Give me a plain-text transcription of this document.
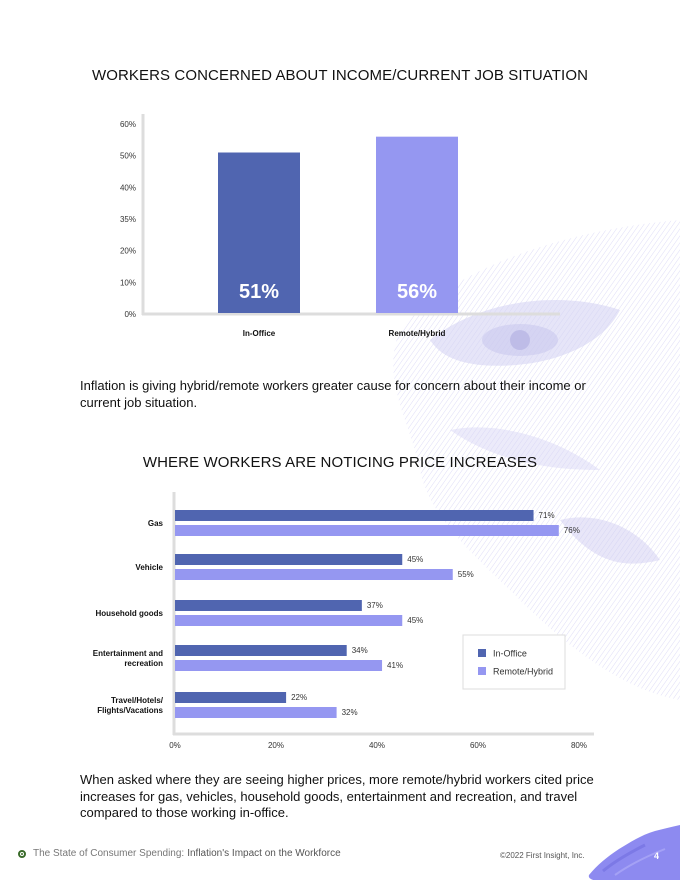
WORKERS CONCERNED ABOUT INCOME/CURRENT JOB SITUATION
0%
10%
20%
35%
40%
50%
60%
51%	56%
In-Office	Remote/Hybrid
Inflation is giving hybrid/remote workers greater cause for concern about their income or current job situation.
WHERE WORKERS ARE NOTICING PRICE INCREASES
71%
76%
45%
55%
37%
45%
34%
41%
22%
32%
Gas
Vehicle
Household goods
Entertainment and recreation
Travel/Hotels/ Flights/Vacations
0%	20%	40%	60%	80%
In-Office
Remote/Hybrid
When asked where they are seeing higher prices, more remote/hybrid workers cited price increases for gas, vehicles, household goods, entertainment and recreation, and travel compared to those working in-office.
The State of Consumer Spending: Inflation's Impact on the Workforce	©2022 First Insight, Inc.	4
